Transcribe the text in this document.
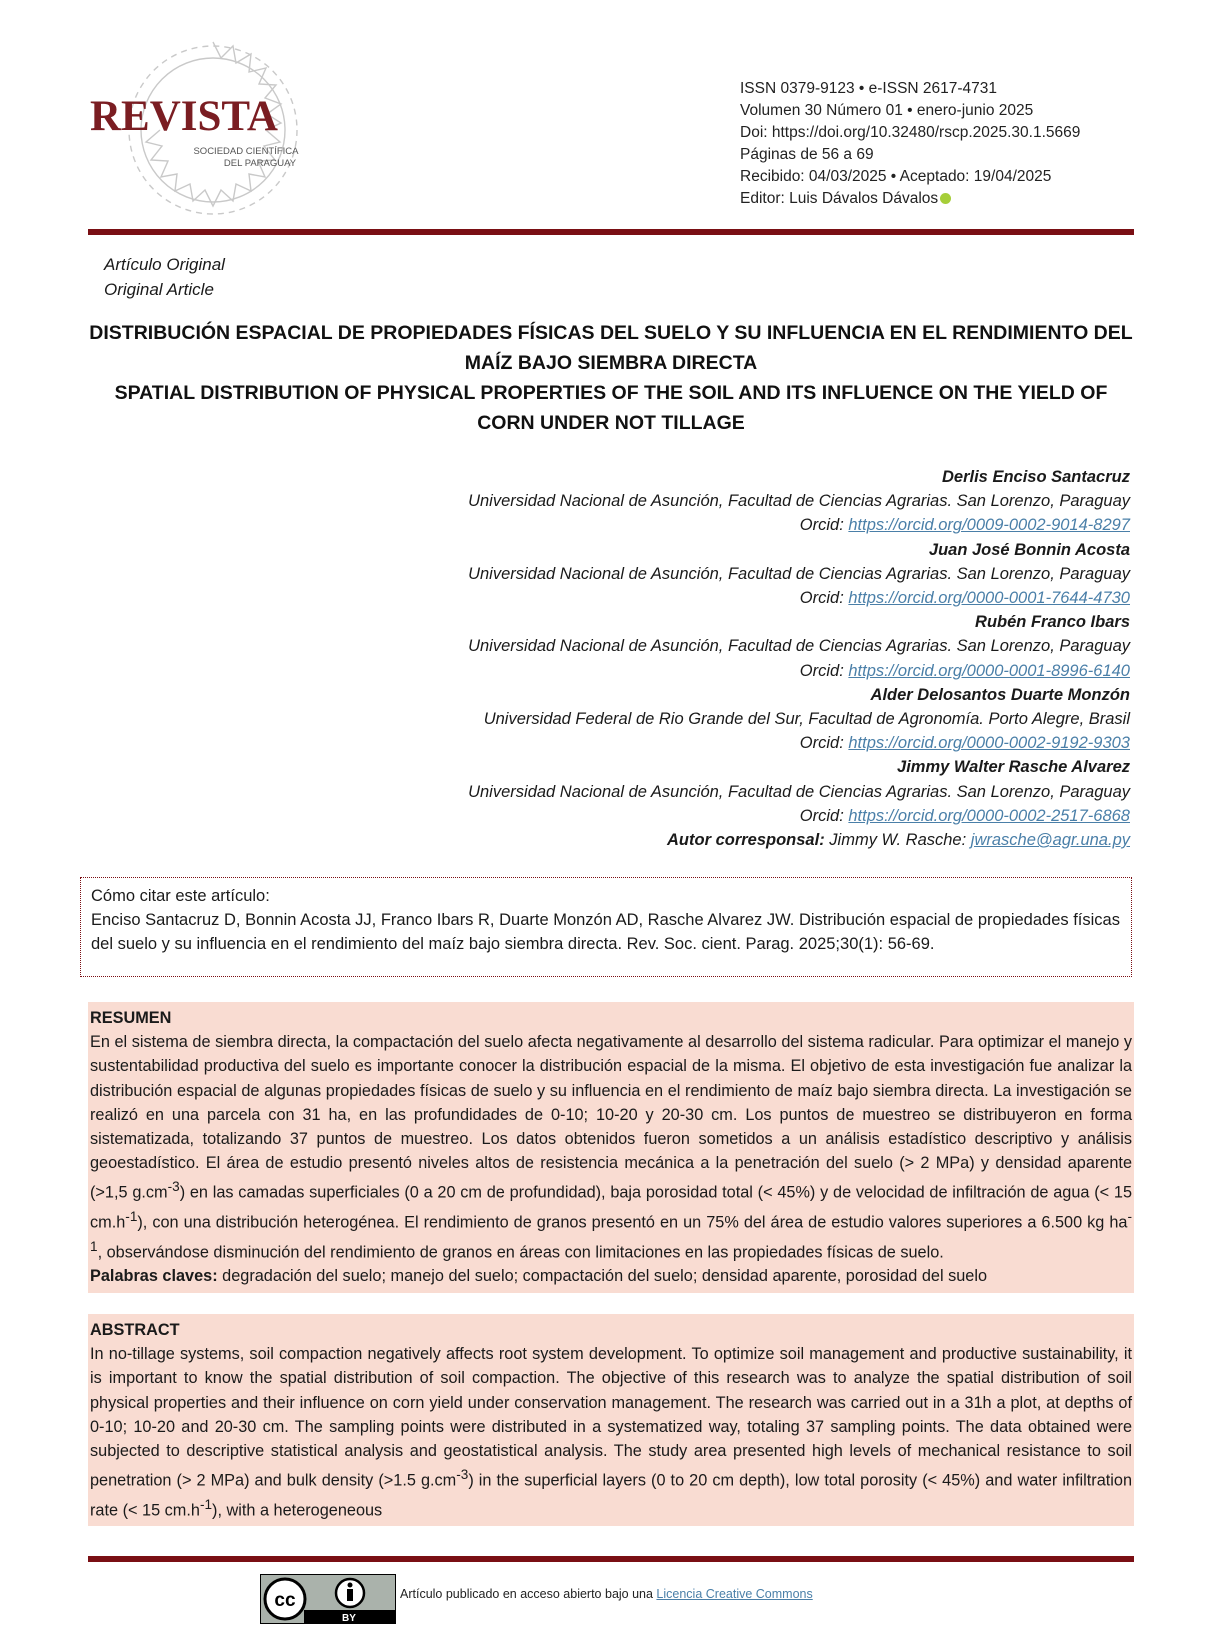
REVISTA
SOCIEDAD CIENTÍFICA
DEL PARAGUAY
ISSN 0379-9123 • e-ISSN 2617-4731
Volumen 30 Número 01 • enero-junio 2025
Doi: https://doi.org/10.32480/rscp.2025.30.1.5669
Páginas de 56 a 69
Recibido: 04/03/2025 • Aceptado: 19/04/2025
Editor: Luis Dávalos Dávalos
Artículo Original
Original Article
DISTRIBUCIÓN ESPACIAL DE PROPIEDADES FÍSICAS DEL SUELO Y SU INFLUENCIA EN EL RENDIMIENTO DEL
MAÍZ BAJO SIEMBRA DIRECTA
SPATIAL DISTRIBUTION OF PHYSICAL PROPERTIES OF THE SOIL AND ITS INFLUENCE ON THE YIELD OF
CORN UNDER NOT TILLAGE
Derlis Enciso Santacruz
Universidad Nacional de Asunción, Facultad de Ciencias Agrarias. San Lorenzo, Paraguay
Orcid: https://orcid.org/0009-0002-9014-8297
Juan José Bonnin Acosta
Universidad Nacional de Asunción, Facultad de Ciencias Agrarias. San Lorenzo, Paraguay
Orcid: https://orcid.org/0000-0001-7644-4730
Rubén Franco Ibars
Universidad Nacional de Asunción, Facultad de Ciencias Agrarias. San Lorenzo, Paraguay
Orcid: https://orcid.org/0000-0001-8996-6140
Alder Delosantos Duarte Monzón
Universidad Federal de Rio Grande del Sur, Facultad de Agronomía. Porto Alegre, Brasil
Orcid: https://orcid.org/0000-0002-9192-9303
Jimmy Walter Rasche Alvarez
Universidad Nacional de Asunción, Facultad de Ciencias Agrarias. San Lorenzo, Paraguay
Orcid: https://orcid.org/0000-0002-2517-6868
Autor corresponsal: Jimmy W. Rasche: jwrasche@agr.una.py
Cómo citar este artículo:
Enciso Santacruz D, Bonnin Acosta JJ, Franco Ibars R, Duarte Monzón AD, Rasche Alvarez JW. Distribución espacial de propiedades físicas del suelo y su influencia en el rendimiento del maíz bajo siembra directa. Rev. Soc. cient. Parag. 2025;30(1): 56-69.
RESUMEN
En el sistema de siembra directa, la compactación del suelo afecta negativamente al desarrollo del sistema radicular. Para optimizar el manejo y sustentabilidad productiva del suelo es importante conocer la distribución espacial de la misma. El objetivo de esta investigación fue analizar la distribución espacial de algunas propiedades físicas de suelo y su influencia en el rendimiento de maíz bajo siembra directa. La investigación se realizó en una parcela con 31 ha, en las profundidades de 0-10; 10-20 y 20-30 cm. Los puntos de muestreo se distribuyeron en forma sistematizada, totalizando 37 puntos de muestreo. Los datos obtenidos fueron sometidos a un análisis estadístico descriptivo y análisis geoestadístico. El área de estudio presentó niveles altos de resistencia mecánica a la penetración del suelo (> 2 MPa) y densidad aparente (>1,5 $g.cm^{-3}$) en las camadas superficiales (0 a 20 cm de profundidad), baja porosidad total (< 45%) y de velocidad de infiltración de agua (< 15 $cm.h^{-1}$), con una distribución heterogénea. El rendimiento de granos presentó en un 75% del área de estudio valores superiores a 6.500 kg $ha^{-1}$, observándose disminución del rendimiento de granos en áreas con limitaciones en las propiedades físicas de suelo.
Palabras claves: degradación del suelo; manejo del suelo; compactación del suelo; densidad aparente, porosidad del suelo
ABSTRACT
In no-tillage systems, soil compaction negatively affects root system development. To optimize soil management and productive sustainability, it is important to know the spatial distribution of soil compaction. The objective of this research was to analyze the spatial distribution of soil physical properties and their influence on corn yield under conservation management. The research was carried out in a 31h a plot, at depths of 0-10; 10-20 and 20-30 cm. The sampling points were distributed in a systematized way, totaling 37 sampling points. The data obtained were subjected to descriptive statistical analysis and geostatistical analysis. The study area presented high levels of mechanical resistance to soil penetration (> 2 MPa) and bulk density (>1.5 $g.cm^{-3}$) in the superficial layers (0 to 20 cm depth), low total porosity (< 45%) and water infiltration rate (< 15 $cm.h^{-1}$), with a heterogeneous
cc
BY
Artículo publicado en acceso abierto bajo una Licencia Creative Commons
